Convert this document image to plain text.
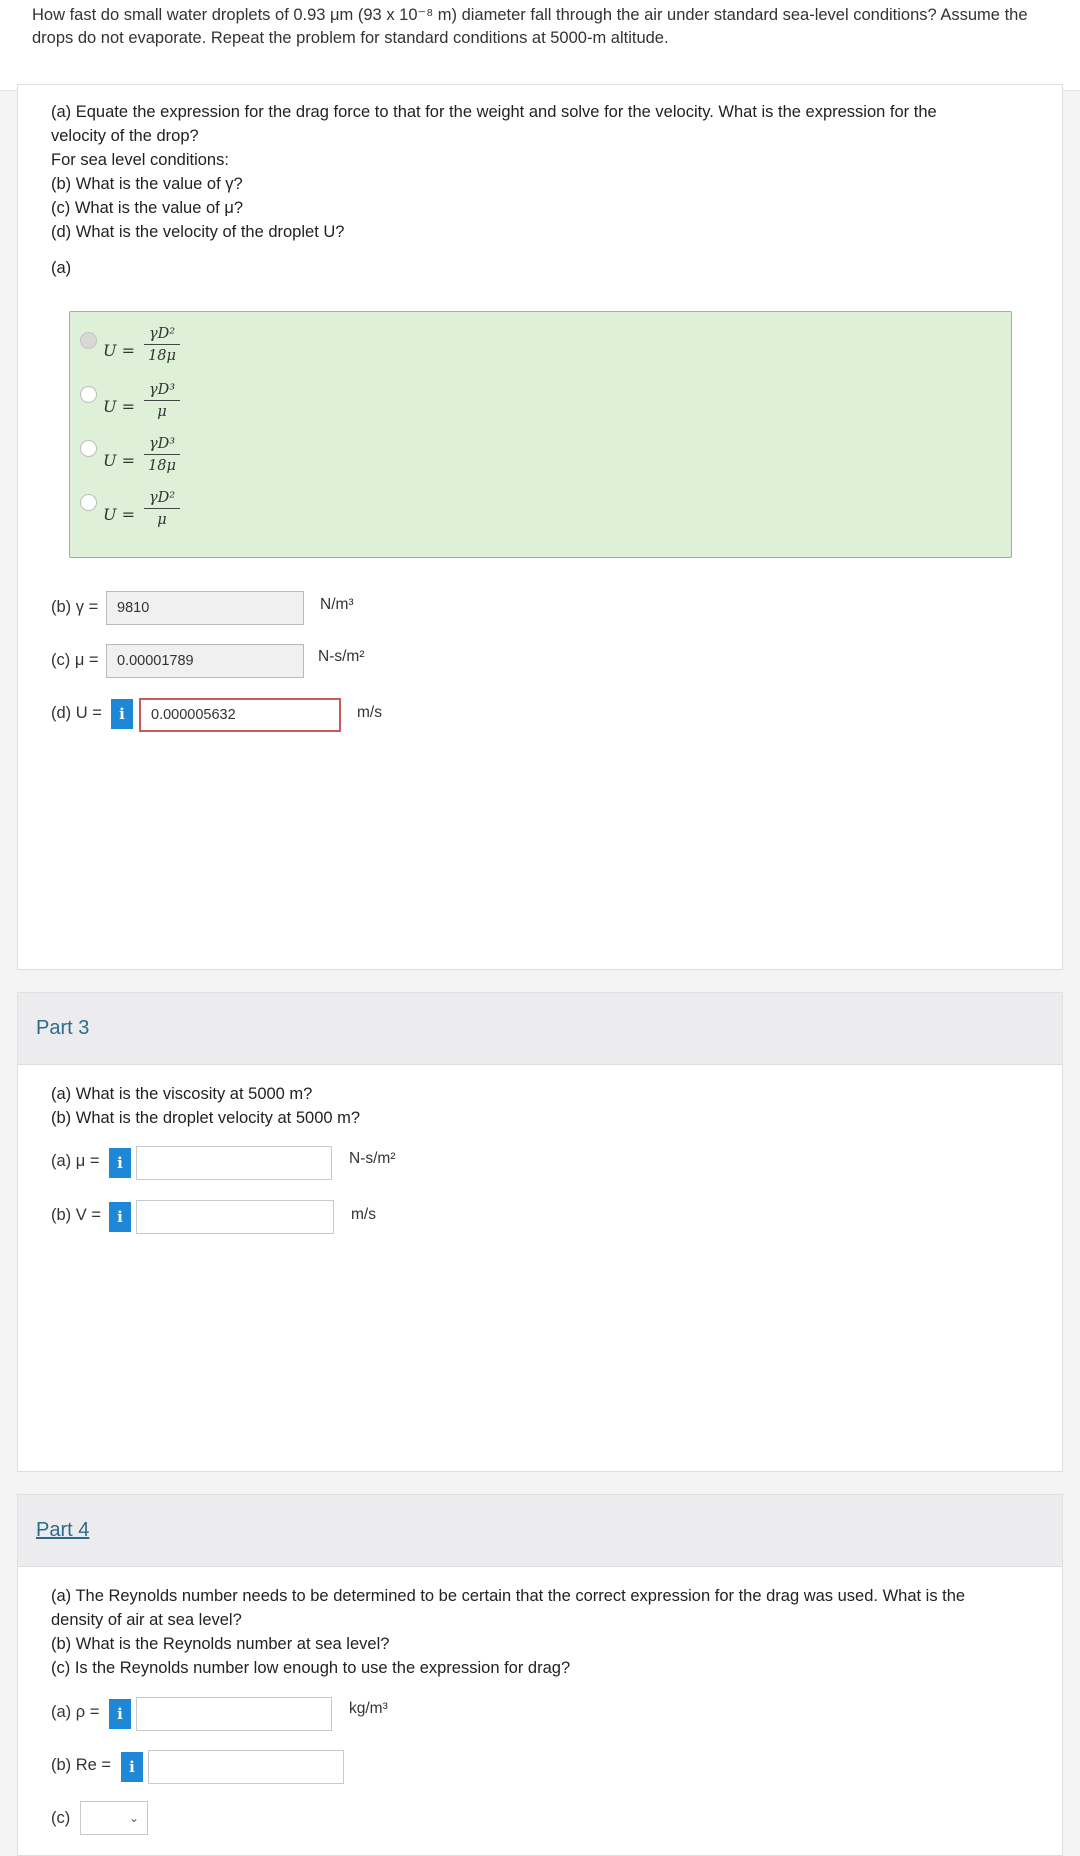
How fast do small water droplets of 0.93 μm (93 x 10⁻⁸ m) diameter fall through the air under standard sea-level conditions? Assume the drops do not evaporate. Repeat the problem for standard conditions at 5000-m altitude.

(a) Equate the expression for the drag force to that for the weight and solve for the velocity. What is the expression for the velocity of the drop?
For sea level conditions:
(b) What is the value of γ?
(c) What is the value of μ?
(d) What is the velocity of the droplet U?
(a)
$U = \frac{\text{γD²}}{18\mu}$
$U = \frac{\text{γD³}}{\mu}$
$U = \frac{\text{γD³}}{18\mu}$
$U = \frac{\text{γD²}}{\mu}$
(b) γ =	9810	N/m³
(c) μ =	0.00001789	N-s/m²
(d) U =	i	0.000005632	m/s
Part 3
(a) What is the viscosity at 5000 m?
(b) What is the droplet velocity at 5000 m?
(a) μ =	i	N-s/m²
(b) V =	i	m/s
Part 4
(a) The Reynolds number needs to be determined to be certain that the correct expression for the drag was used. What is the density of air at sea level?
(b) What is the Reynolds number at sea level?
(c) Is the Reynolds number low enough to use the expression for drag?
(a) ρ =	i	kg/m³
(b) Re =	i
(c)	⌄
